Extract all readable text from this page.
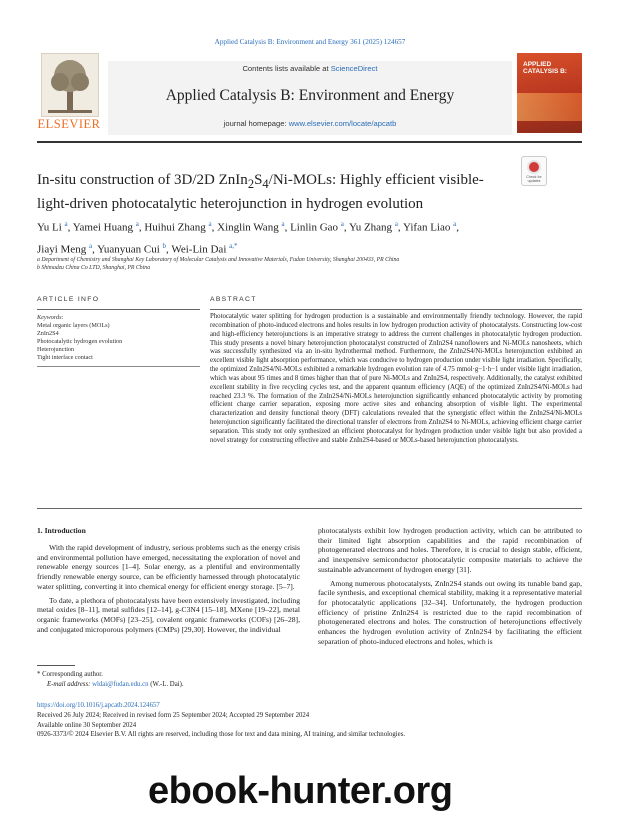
Applied Catalysis B: Environment and Energy 361 (2025) 124657
ELSEVIER
Contents lists available at ScienceDirect
Applied Catalysis B: Environment and Energy
journal homepage: www.elsevier.com/locate/apcatb
APPLIED CATALYSIS B:
In-situ construction of 3D/2D $ZnIn_2S_4/Ni$-MOLs: Highly efficient visible-light-driven photocatalytic heterojunction in hydrogen evolution
Check for updates
Yu Li $^a$, Yamei Huang $^a$, Huihui Zhang $^a$, Xinglin Wang $^a$, Linlin Gao $^a$, Yu Zhang $^a$, Yifan Liao $^a$,
Jiayi Meng $^a$, Yuanyuan Cui $^b$, Wei-Lin Dai $^{a,*}$
a Department of Chemistry and Shanghai Key Laboratory of Molecular Catalysis and Innovative Materials, Fudan University, Shanghai 200433, PR China
b Shimadzu China Co LTD, Shanghai, PR China
ARTICLE INFO	ABSTRACT
Keywords:
Metal organic layers (MOLs)
ZnIn2S4
Photocatalytic hydrogen evolution
Heterojunction
Tight interface contact
Photocatalytic water splitting for hydrogen production is a sustainable and environmentally friendly technology. However, the rapid recombination of photo-induced electrons and holes results in low hydrogen production activity of photocatalysts. Constructing low-cost and high-efficiency heterojunctions is an imperative strategy to address the current challenges in photocatalytic hydrogen production. This study presents a novel binary heterojunction photocatalyst constructed of ZnIn2S4 nanoflowers and Ni-MOLs nanosheets, which was successfully synthesized via an in-situ hydrothermal method. Furthermore, the ZnIn2S4/Ni-MOLs heterojunction exhibited an excellent visible light absorption performance, which was conducive to hydrogen production under visible light irradiation. Specifically, the optimized ZnIn2S4/Ni-MOLs exhibited a remarkable hydrogen evolution rate of 4.75 mmol·g−1·h−1 under visible light irradiation, which was about 95 times and 8 times higher than that of pure Ni-MOLs and ZnIn2S4, respectively. Additionally, the catalyst exhibited excellent stability in five recycling cycles test, and the apparent quantum efficiency (AQE) of the optimized ZnIn2S4/Ni-MOLs had reached 23.3 %. The formation of the ZnIn2S4/Ni-MOLs heterojunction significantly enhanced photocatalytic activity by promoting efficient charge carrier separation, exposing more active sites and enhancing absorption of visible light. The experimental characterization and density functional theory (DFT) calculations revealed that the synergistic effect within the ZnIn2S4/Ni-MOLs heterojunction significantly facilitated the directional transfer of electrons from ZnIn2S4 to Ni-MOLs, achieving efficient charge carrier separation. This study not only synthesized an efficient photocatalyst for hydrogen production under visible light but also provided a novel strategy for constructing effective and stable ZnIn2S4-based or MOLs-based heterojunction photocatalysts.
1. Introduction

With the rapid development of industry, serious problems such as the energy crisis and environmental pollution have emerged, necessitating the exploration of novel and renewable energy sources [1–4]. Solar energy, as a plentiful and environmentally friendly renewable energy source, can be efficiently harnessed through photocatalytic water splitting, converting it into chemical energy for efficient energy storage. [5–7].

To date, a plethora of photocatalysts have been extensively investigated, including metal oxides [8–11], metal sulfides [12–14], g-C3N4 [15–18], MXene [19–22], metal organic frameworks (MOFs) [23–25], covalent organic frameworks (COFs) [26–28], and conjugated microporous polymers (CMPs) [29,30]. However, the individual

photocatalysts exhibit low hydrogen production activity, which can be attributed to their limited light absorption capabilities and the rapid recombination of photogenerated electrons and holes. Therefore, it is crucial to design stable, efficient, and inexpensive semiconductor photocatalytic composite materials to achieve the sustainable advancement of hydrogen energy [31].

Among numerous photocatalysts, ZnIn2S4 stands out owing its tunable band gap, facile synthesis, and exceptional chemical stability, making it a representative material for photocatalytic applications [32–34]. Unfortunately, the hydrogen production efficiency of pristine ZnIn2S4 is restricted due to the rapid recombination of photogenerated electrons and holes. The construction of heterojunctions effectively enhances the hydrogen evolution activity of ZnIn2S4 by facilitating the efficient separation of photo-induced electrons and holes, which is

* Corresponding author.
E-mail address: wldai@fudan.edu.cn (W.-L. Dai).
https://doi.org/10.1016/j.apcatb.2024.124657
Received 26 July 2024; Received in revised form 25 September 2024; Accepted 29 September 2024
Available online 30 September 2024
0926-3373/© 2024 Elsevier B.V. All rights are reserved, including those for text and data mining, AI training, and similar technologies.
ebook-hunter.org
